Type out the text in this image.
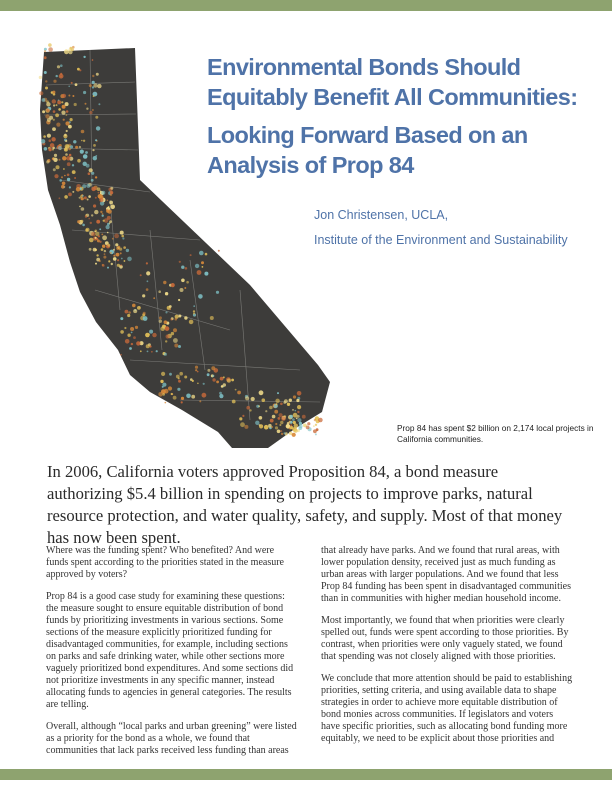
Environmental Bonds Should
Equitably Benefit All Communities:
Looking Forward Based on an
Analysis of Prop 84
Jon Christensen, UCLA,
Institute of the Environment and Sustainability
Prop 84 has spent $2 billion on 2,174 local projects in California communities.

In 2006, California voters approved Proposition 84, a bond measure authorizing $5.4 billion in spending on projects to improve parks, natural resource protection, and water quality, safety, and supply. Most of that money has now been spent.

Where was the funding spent? Who benefited? And were funds spent according to the priorities stated in the measure approved by voters?

Prop 84 is a good case study for examining these questions: the measure sought to ensure equitable distribution of bond funds by prioritizing investments in various sections. Some sections of the measure explicitly prioritized funding for disadvantaged communities, for example, including sections on parks and safe drinking water, while other sections more vaguely prioritized bond expenditures. And some sections did not prioritize investments in any specific manner, instead allocating funds to agencies in general categories. The results are telling.

Overall, although “local parks and urban greening” were listed as a priority for the bond as a whole, we found that communities that lack parks received less funding than areas

that already have parks. And we found that rural areas, with lower population density, received just as much funding as urban areas with larger populations. And we found that less Prop 84 funding has been spent in disadvantaged communities than in communities with higher median household income.

Most importantly, we found that when priorities were clearly spelled out, funds were spent according to those priorities. By contrast, when priorities were only vaguely stated, we found that spending was not closely aligned with those priorities.

We conclude that more attention should be paid to establishing priorities, setting criteria, and using available data to shape strategies in order to achieve more equitable distribution of bond monies across communities. If legislators and voters have specific priorities, such as allocating bond funding more equitably, we need to be explicit about those priorities and
